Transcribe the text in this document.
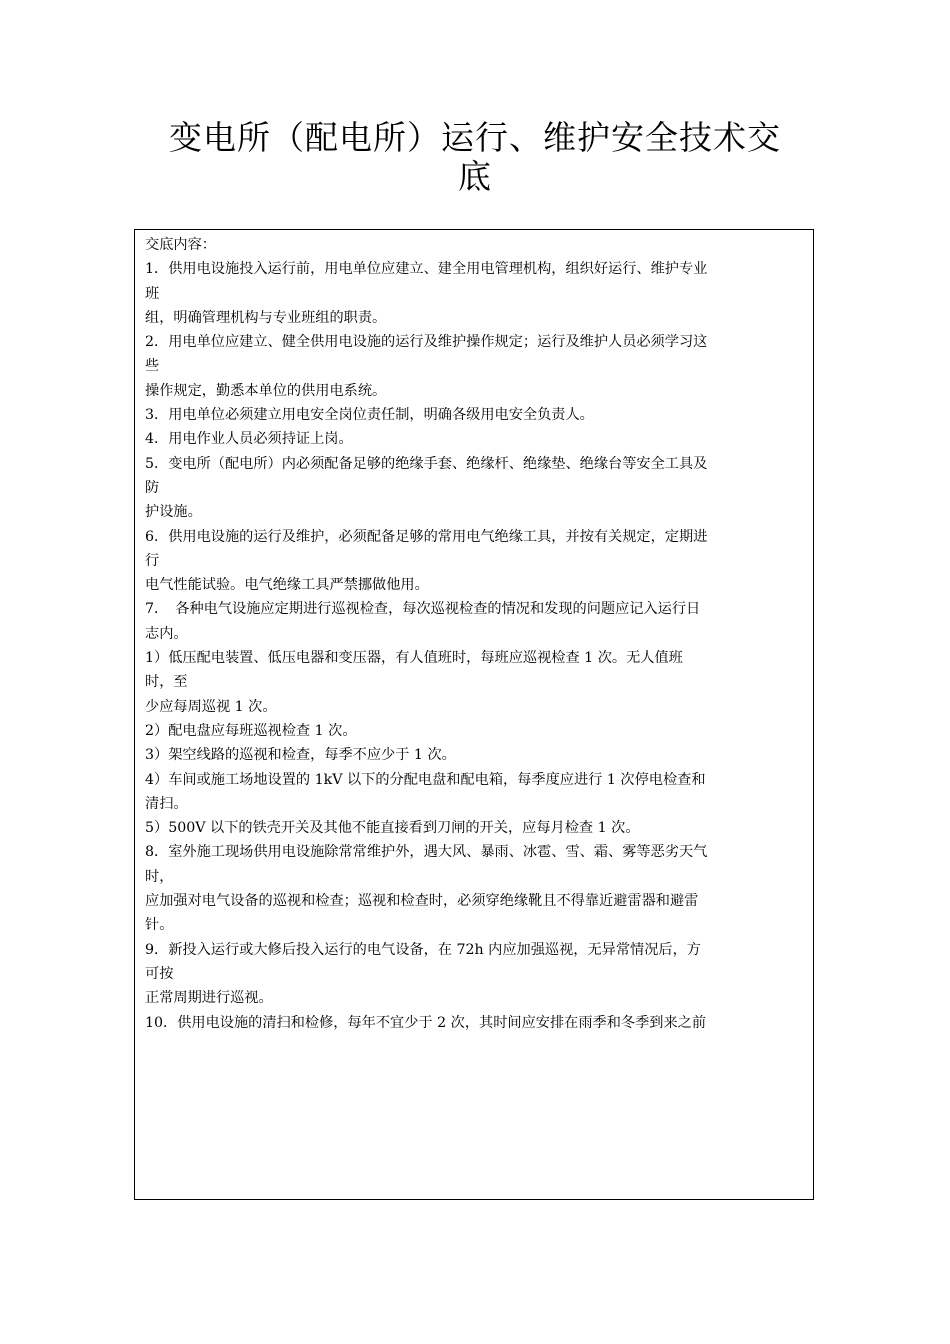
变电所（配电所）运行、维护安全技术交
底
交底内容：
1．供用电设施投入运行前，用电单位应建立、建全用电管理机构，组织好运行、维护专业
班
组，明确管理机构与专业班组的职责。
2．用电单位应建立、健全供用电设施的运行及维护操作规定；运行及维护人员必须学习这
些
操作规定，勤悉本单位的供用电系统。
3．用电单位必须建立用电安全岗位责任制，明确各级用电安全负责人。
4．用电作业人员必须持证上岗。
5．变电所（配电所）内必须配备足够的绝缘手套、绝缘杆、绝缘垫、绝缘台等安全工具及
防
护设施。
6．供用电设施的运行及维护，必须配备足够的常用电气绝缘工具，并按有关规定，定期进
行
电气性能试验。电气绝缘工具严禁挪做他用。
7．　各种电气设施应定期进行巡视检查，每次巡视检查的情况和发现的问题应记入运行日
志内。
1）低压配电装置、低压电器和变压器，有人值班时，每班应巡视检查 1 次。无人值班
时，至
少应每周巡视 1 次。
2）配电盘应每班巡视检查 1 次。
3）架空线路的巡视和检查，每季不应少于 1 次。
4）车间或施工场地设置的 1kV 以下的分配电盘和配电箱，每季度应进行 1 次停电检查和
清扫。
5）500V 以下的铁壳开关及其他不能直接看到刀闸的开关，应每月检查 1 次。
8．室外施工现场供用电设施除常常维护外，遇大风、暴雨、冰雹、雪、霜、雾等恶劣天气
时，
应加强对电气设备的巡视和检查；巡视和检查时，必须穿绝缘靴且不得靠近避雷器和避雷
针。
9．新投入运行或大修后投入运行的电气设备，在 72h 内应加强巡视，无异常情况后，方
可按
正常周期进行巡视。
10．供用电设施的清扫和检修，每年不宜少于 2 次，其时间应安排在雨季和冬季到来之前
